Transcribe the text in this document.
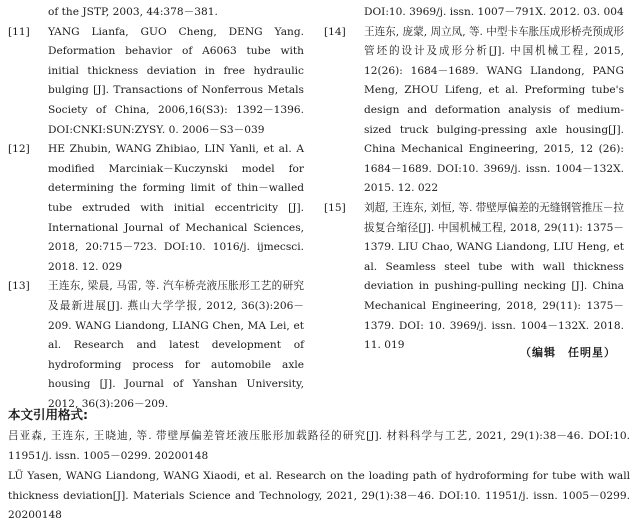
of the JSTP, 2003, 44:378－381.
[11]	YANG Lianfa, GUO Cheng, DENG Yang. Deformation behavior of A6063 tube with initial thickness deviation in free hydraulic bulging [J]. Transactions of Nonferrous Metals Society of China, 2006,16(S3): 1392－1396. DOI:CNKI:SUN:ZYSY. 0. 2006－S3－039
[12]	HE Zhubin, WANG Zhibiao, LIN Yanli, et al. A modified Marciniak－Kuczynski model for determining the forming limit of thin－walled tube extruded with initial eccentricity [J]. International Journal of Mechanical Sciences, 2018, 20:715－723. DOI:10. 1016/j. ijmecsci. 2018. 12. 029
[13]	王连东, 梁晨, 马雷, 等. 汽车桥壳液压胀形工艺的研究及最新进展[J]. 燕山大学学报, 2012, 36(3):206－209. WANG Liandong, LIANG Chen, MA Lei, et al. Research and latest development of hydroforming process for automobile axle housing [J]. Journal of Yanshan University, 2012, 36(3):206－209.
DOI:10. 3969/j. issn. 1007－791X. 2012. 03. 004
[14]	王连东, 庞蒙, 周立凤, 等. 中型卡车胀压成形桥壳预成形管坯的设计及成形分析[J]. 中国机械工程, 2015, 12(26): 1684－1689. WANG LIandong, PANG Meng, ZHOU Lifeng, et al. Preforming tube's design and deformation analysis of medium-sized truck bulging-pressing axle housing[J]. China Mechanical Engineering, 2015, 12 (26): 1684－1689. DOI:10. 3969/j. issn. 1004－132X. 2015. 12. 022
[15]	刘超, 王连东, 刘恒, 等. 带壁厚偏差的无缝钢管推压－拉拔复合缩径[J]. 中国机械工程, 2018, 29(11): 1375－1379. LIU Chao, WANG Liandong, LIU Heng, et al. Seamless steel tube with wall thickness deviation in pushing-pulling necking [J]. China Mechanical Engineering, 2018, 29(11): 1375－1379. DOI: 10. 3969/j. issn. 1004－132X. 2018. 11. 019
（编辑　任明星）
本文引用格式:
吕亚森, 王连东, 王晓迪, 等. 带壁厚偏差管坯液压胀形加载路径的研究[J]. 材料科学与工艺, 2021, 29(1):38－46. DOI:10. 11951/j. issn. 1005－0299. 20200148
LÜ Yasen, WANG Liandong, WANG Xiaodi, et al. Research on the loading path of hydroforming for tube with wall thickness deviation[J]. Materials Science and Technology, 2021, 29(1):38－46. DOI:10. 11951/j. issn. 1005－0299. 20200148
